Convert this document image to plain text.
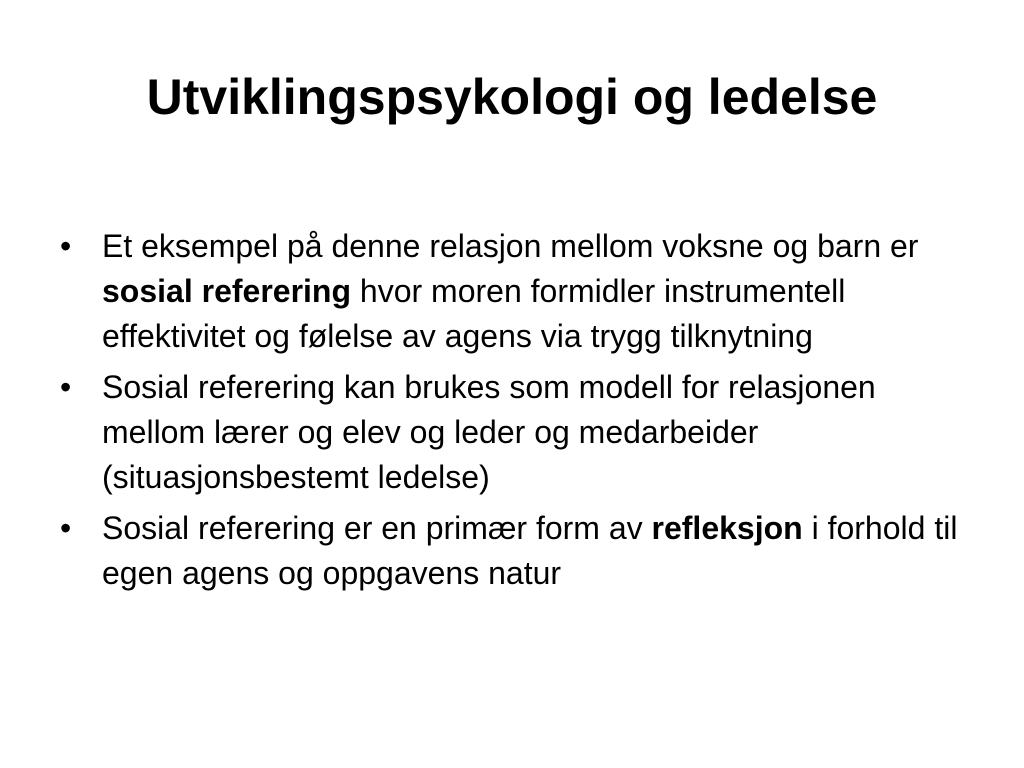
Utviklingspsykologi og ledelse
• Et eksempel på denne relasjon mellom voksne og barn er sosial referering hvor moren formidler instrumentell effektivitet og følelse av agens via trygg tilknytning
• Sosial referering kan brukes som modell for relasjonen mellom lærer og elev og leder og medarbeider (situasjonsbestemt ledelse)
• Sosial referering er en primær form av refleksjon i forhold til egen agens og oppgavens natur
